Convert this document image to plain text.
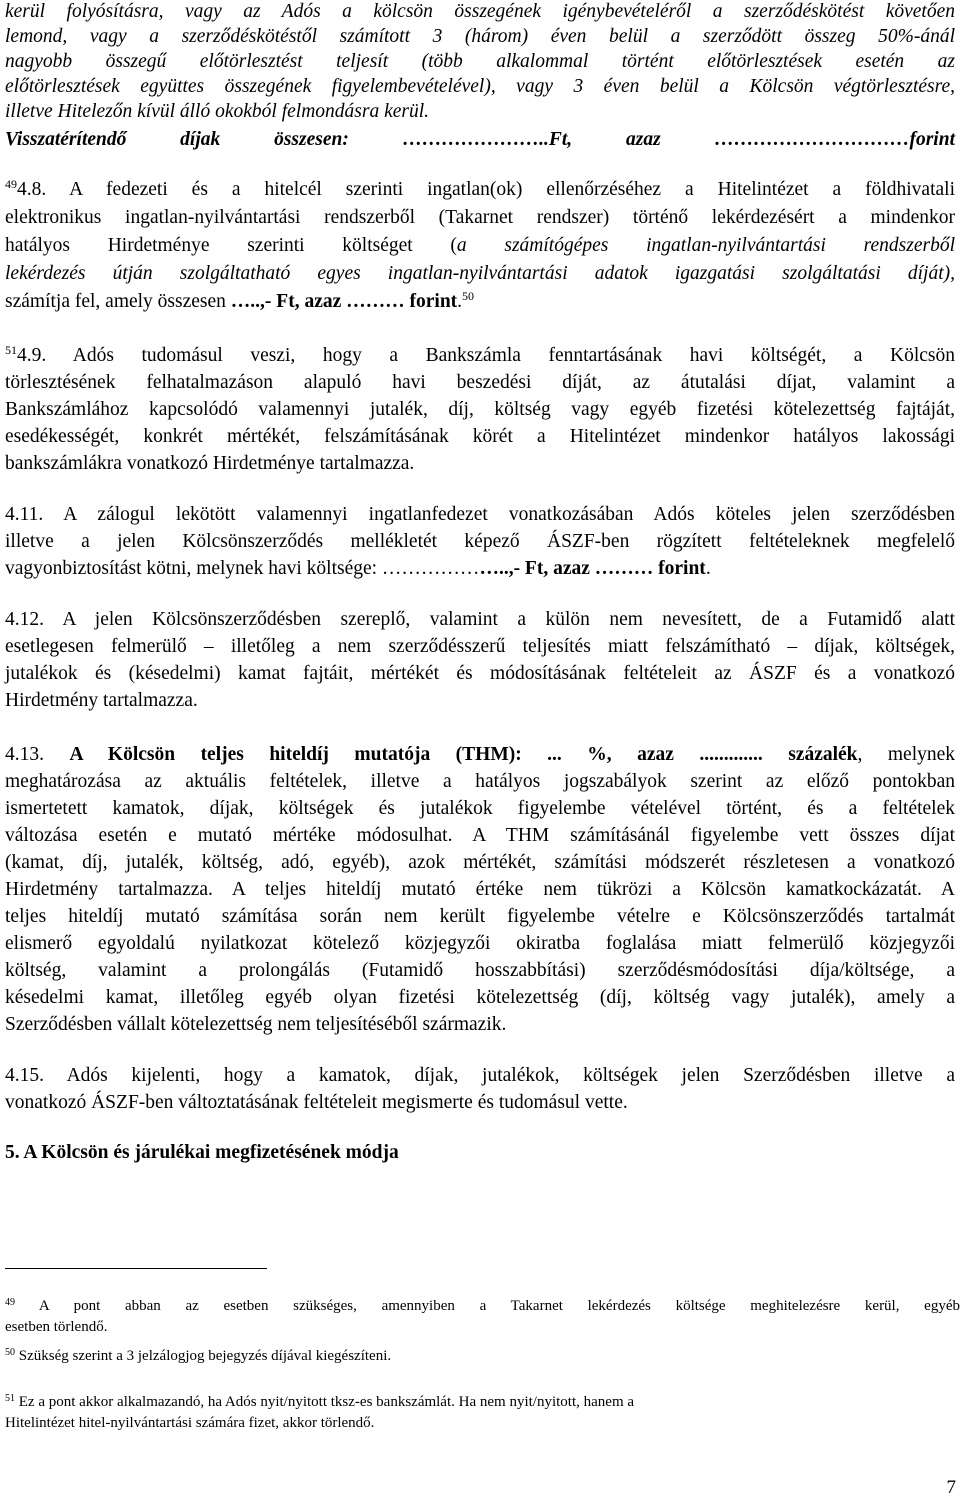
kerül folyósításra, vagy az Adós a kölcsön összegének igénybevételéről a szerződéskötést követően
lemond, vagy a szerződéskötéstől számított 3 (három) éven belül a szerződött összeg 50%-ánál
nagyobb összegű előtörlesztést teljesít (több alkalommal történt előtörlesztések esetén az
előtörlesztések együttes összegének figyelembevételével), vagy 3 éven belül a Kölcsön végtörlesztésre,
illetve Hitelezőn kívül álló okokból felmondásra kerül.
Visszatérítendő díjak összesen: …………………..Ft, azaz …………………………forint
$^{49}$4.8. A fedezeti és a hitelcél szerinti ingatlan(ok) ellenőrzéséhez a Hitelintézet a földhivatali
elektronikus ingatlan-nyilvántartási rendszerből (Takarnet rendszer) történő lekérdezésért a mindenkor
hatályos Hirdetménye szerinti költséget (a számítógépes ingatlan-nyilvántartási rendszerből
lekérdezés útján szolgáltatható egyes ingatlan-nyilvántartási adatok igazgatási szolgáltatási díját),
számítja fel, amely összesen …..,- Ft, azaz ……… forint.$^{50}$
$^{51}$4.9. Adós tudomásul veszi, hogy a Bankszámla fenntartásának havi költségét, a Kölcsön
törlesztésének felhatalmazáson alapuló havi beszedési díját, az átutalási díjat, valamint a
Bankszámlához kapcsolódó valamennyi jutalék, díj, költség vagy egyéb fizetési kötelezettség fajtáját,
esedékességét, konkrét mértékét, felszámításának körét a Hitelintézet mindenkor hatályos lakossági
bankszámlákra vonatkozó Hirdetménye tartalmazza.
4.11. A zálogul lekötött valamennyi ingatlanfedezet vonatkozásában Adós köteles jelen szerződésben
illetve a jelen Kölcsönszerződés mellékletét képező ÁSZF-ben rögzített feltételeknek megfelelő
vagyonbiztosítást kötni, melynek havi költsége: ………………..,- Ft, azaz ……… forint.
4.12. A jelen Kölcsönszerződésben szereplő, valamint a külön nem nevesített, de a Futamidő alatt
esetlegesen felmerülő – illetőleg a nem szerződésszerű teljesítés miatt felszámítható – díjak, költségek,
jutalékok és (késedelmi) kamat fajtáit, mértékét és módosításának feltételeit az ÁSZF és a vonatkozó
Hirdetmény tartalmazza.
4.13. A Kölcsön teljes hiteldíj mutatója (THM): ... %, azaz ............. százalék, melynek
meghatározása az aktuális feltételek, illetve a hatályos jogszabályok szerint az előző pontokban
ismertetett kamatok, díjak, költségek és jutalékok figyelembe vételével történt, és a feltételek
változása esetén e mutató mértéke módosulhat. A THM számításánál figyelembe vett összes díjat
(kamat, díj, jutalék, költség, adó, egyéb), azok mértékét, számítási módszerét részletesen a vonatkozó
Hirdetmény tartalmazza. A teljes hiteldíj mutató értéke nem tükrözi a Kölcsön kamatkockázatát. A
teljes hiteldíj mutató számítása során nem került figyelembe vételre e Kölcsönszerződés tartalmát
elismerő egyoldalú nyilatkozat kötelező közjegyzői okiratba foglalása miatt felmerülő közjegyzői
költség, valamint a prolongálás (Futamidő hosszabbítási) szerződésmódosítási díja/költsége, a
késedelmi kamat, illetőleg egyéb olyan fizetési kötelezettség (díj, költség vagy jutalék), amely a
Szerződésben vállalt kötelezettség nem teljesítéséből származik.
4.15. Adós kijelenti, hogy a kamatok, díjak, jutalékok, költségek jelen Szerződésben illetve a
vonatkozó ÁSZF-ben változtatásának feltételeit megismerte és tudomásul vette.
5. A Kölcsön és járulékai megfizetésének módja
$^{49}$ A pont abban az esetben szükséges, amennyiben a Takarnet lekérdezés költsége meghitelezésre kerül, egyéb
esetben törlendő.
$^{50}$ Szükség szerint a 3 jelzálogjog bejegyzés díjával kiegészíteni.
$^{51}$ Ez a pont akkor alkalmazandó, ha Adós nyit/nyitott tksz-es bankszámlát. Ha nem nyit/nyitott, hanem a
Hitelintézet hitel-nyilvántartási számára fizet, akkor törlendő.
7
